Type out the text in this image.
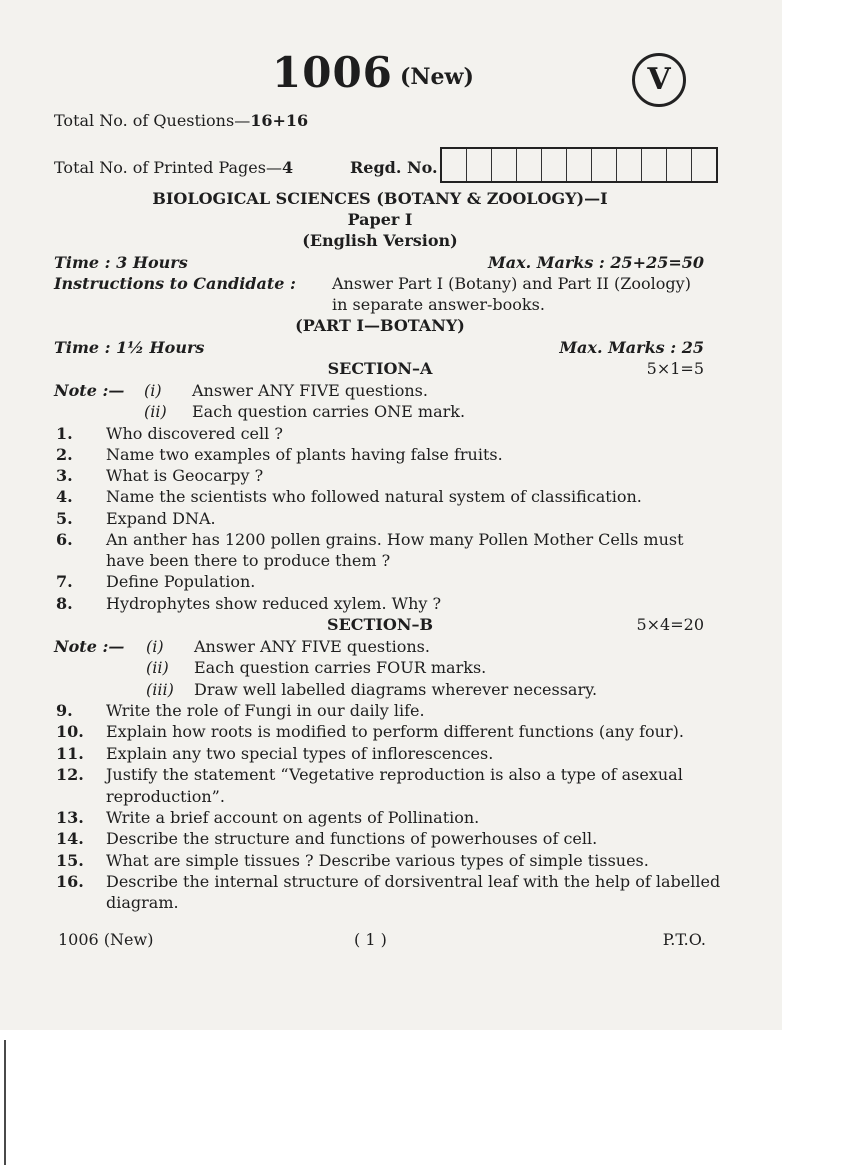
1006 (New)	V
Total No. of Questions—16+16
Total No. of Printed Pages—4	Regd. No.
BIOLOGICAL SCIENCES (BOTANY & ZOOLOGY)—I
Paper I
(English Version)
Time : 3 Hours	Max. Marks : 25+25=50
Instructions to Candidate : Answer Part I (Botany) and Part II (Zoology)
in separate answer-books.
(PART I—BOTANY)
Time : 1½ Hours	Max. Marks : 25
SECTION–A	5×1=5
Note :— (i) Answer ANY FIVE questions.
(ii) Each question carries ONE mark.
1. Who discovered cell ?
2. Name two examples of plants having false fruits.
3. What is Geocarpy ?
4. Name the scientists who followed natural system of classification.
5. Expand DNA.
6. An anther has 1200 pollen grains. How many Pollen Mother Cells must
have been there to produce them ?
7. Define Population.
8. Hydrophytes show reduced xylem. Why ?
SECTION–B	5×4=20
Note :— (i) Answer ANY FIVE questions.
(ii) Each question carries FOUR marks.
(iii) Draw well labelled diagrams wherever necessary.
9. Write the role of Fungi in our daily life.
10. Explain how roots is modified to perform different functions (any four).
11. Explain any two special types of inflorescences.
12. Justify the statement “Vegetative reproduction is also a type of asexual
reproduction”.
13. Write a brief account on agents of Pollination.
14. Describe the structure and functions of powerhouses of cell.
15. What are simple tissues ? Describe various types of simple tissues.
16. Describe the internal structure of dorsiventral leaf with the help of labelled
diagram.
1006 (New)	( 1 )	P.T.O.
